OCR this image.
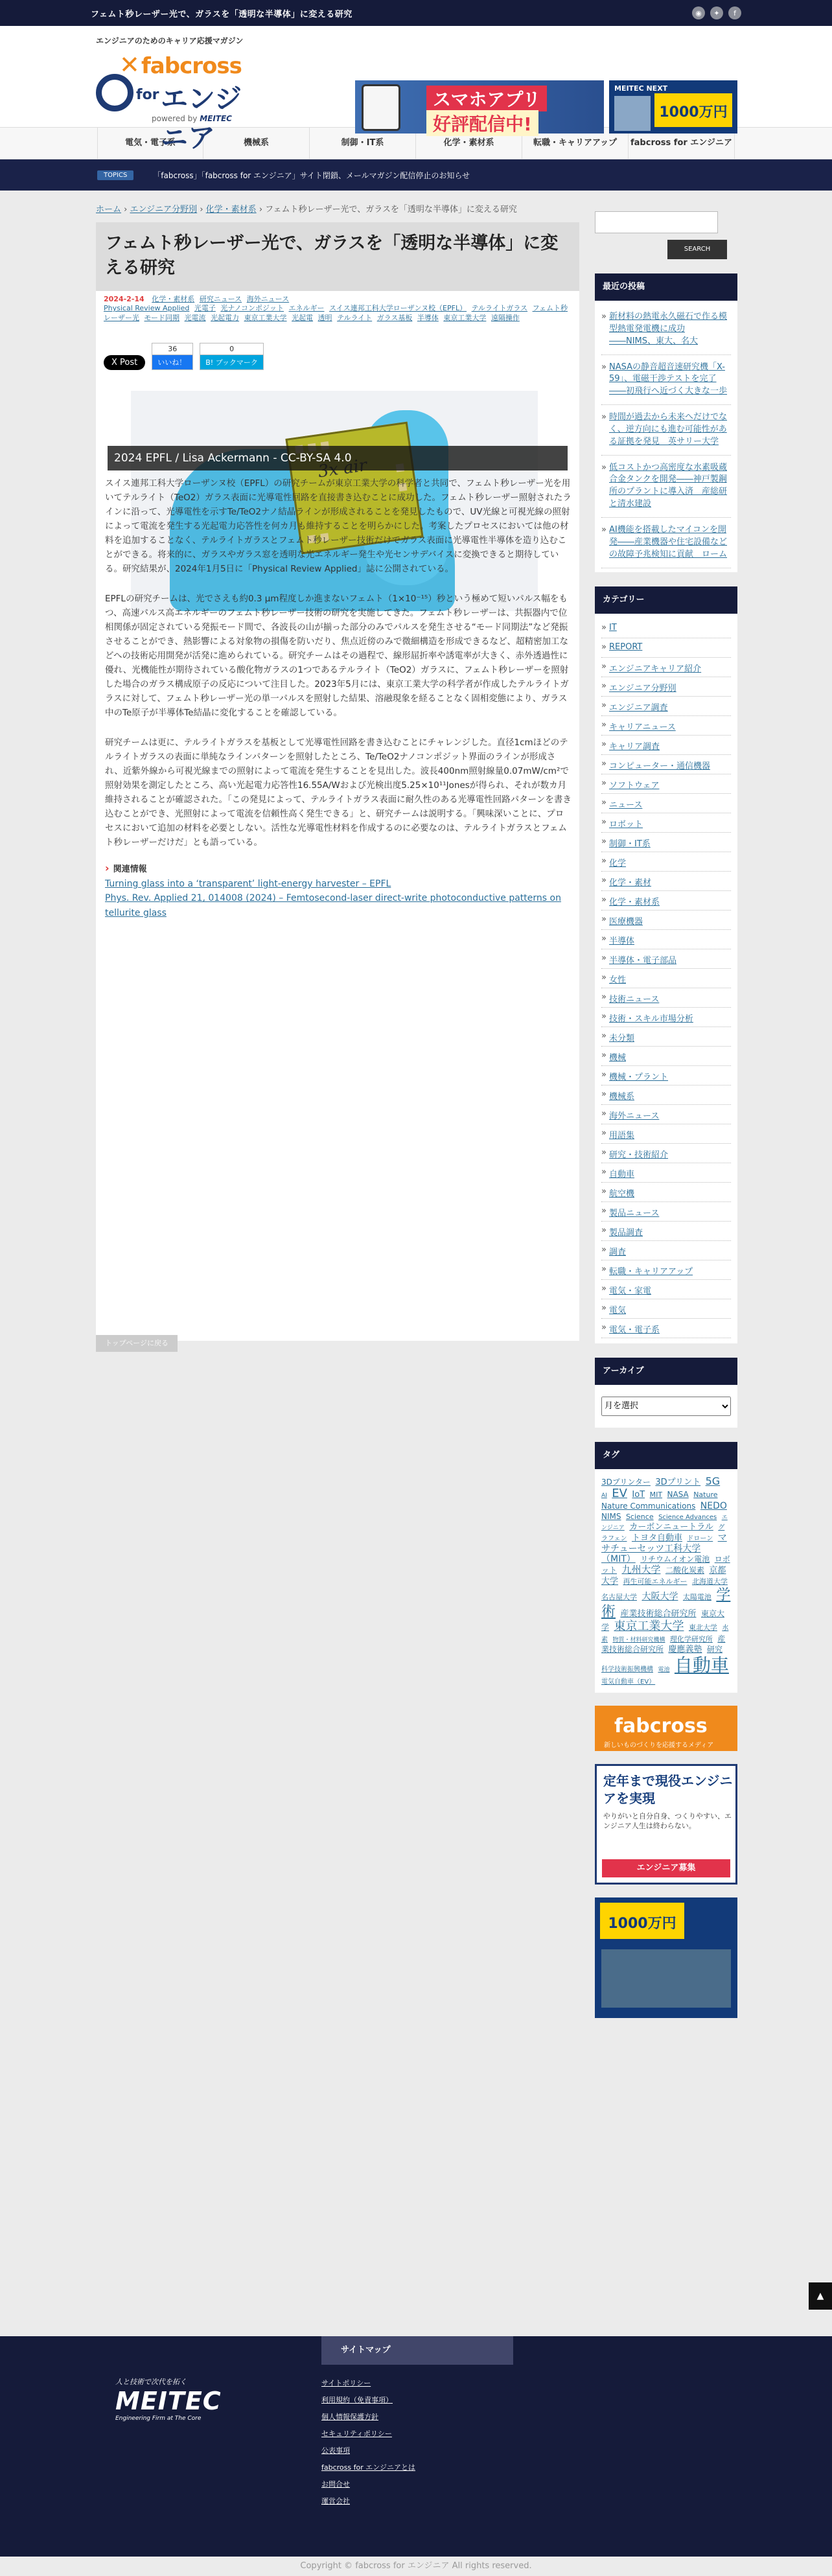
フェムト秒レーザー光で、ガラスを「透明な半導体」に変える研究	◉	✦	f
エンジニアのためのキャリア応援マガジン
✕ fabcross
for エンジニア
powered by MEITEC
スマホアプリ
好評配信中!
MEITEC NEXT
1000万円
電気・電子系	機械系	制御・IT系	化学・素材系	転職・キャリアアップ	fabcross for エンジニア
TOPICS	「fabcross」「fabcross for エンジニア」サイト閉鎖、メールマガジン配信停止のお知らせ
ホーム › エンジニア分野別 › 化学・素材系 › フェムト秒レーザー光で、ガラスを「透明な半導体」に変える研究
フェムト秒レーザー光で、ガラスを「透明な半導体」に変える研究
2024-2-14 化学・素材系 研究ニュース 海外ニュース
Physical Review Applied 光電子 光ナノコンポジット エネルギー スイス連邦工科大学ローザンヌ校（EPFL） テルライトガラス フェムト秒レーザー光 モード同期 光電流 光起電力 東京工業大学 光起電 透明 テルライト ガラス基板 半導体 東京工業大学 遠隔操作
X Post
36
いいね！
0
B! ブックマーク
2024 EPFL / Lisa Ackermann - CC-BY-SA 4.0

スイス連邦工科大学ローザンヌ校（EPFL）の研究チームが東京工業大学の科学者と共同で、フェムト秒レーザー光を用いてテルライト（TeO2）ガラス表面に光導電性回路を直接書き込むことに成功した。フェムト秒レーザー照射されたラインに沿って、光導電性を示すTe/TeO2ナノ結晶ラインが形成されることを発見したもので、UV光線と可視光線の照射によって電流を発生する光起電力応答性を何カ月も維持することを明らかにした。考案したプロセスにおいては他の材料を追加することなく、テルライトガラスとフェムト秒レーザー技術だけでガラス表面に光導電性半導体を造り込むことができる。将来的に、ガラスやガラス窓を透明な光エネルギー発生や光センサデバイスに変換できると期待している。研究結果が、2024年1月5日に「Physical Review Applied」誌に公開されている。

EPFLの研究チームは、光でさえも約0.3 μm程度しか進まないフェムト（1×10⁻¹⁵）秒という極めて短いパルス幅をもつ、高速パルス高エネルギーのフェムト秒レーザー技術の研究を実施してきた。フェムト秒レーザーは、共振器内で位相関係が固定されている発振モード間で、各波長の山が揃った部分のみでパルスを発生させる“モード同期法”など発振させることができ、熱影響による対象物の損傷を防いだり、焦点近傍のみで微細構造を形成できるなど、超精密加工などへの技術応用開発が活発に進められている。研究チームはその過程で、線形屈折率や誘電率が大きく、赤外透過性に優れ、光機能性が期待されている酸化物ガラスの1つであるテルライト（TeO2）ガラスに、フェムト秒レーザーを照射した場合のガラス構成原子の反応について注目した。2023年5月には、東京工業大学の科学者が作成したテルライトガラスに対して、フェムト秒レーザー光の単一パルスを照射した結果、溶融現象を経ることなく固相変態により、ガラス中のTe原子が半導体Te結晶に変化することを確認している。

研究チームは更に、テルライトガラスを基板として光導電性回路を書き込むことにチャレンジした。直径1cmほどのテルライトガラスの表面に単純なラインパターンを照射したところ、Te/TeO2ナノコンポジット界面のラインが形成され、近紫外線から可視光線までの照射によって電流を発生することを見出した。波長400nm照射線量0.07mW/cm²で照射効果を測定したところ、高い光起電力応答性16.55A/Wおよび光検出度5.25×10¹¹Jonesが得られ、それが数カ月維持されることが確認された。「この発見によって、テルライトガラス表面に耐久性のある光導電性回路パターンを書き込むことができ、光照射によって電流を信頼性高く発生できる」と、研究チームは説明する。「興味深いことに、プロセスにおいて追加の材料を必要としない。活性な光導電性材料を作成するのに必要なのは、テルライトガラスとフェムト秒レーザーだけだ」とも語っている。

› 関連情報
Turning glass into a ‘transparent’ light-energy harvester – EPFL
Phys. Rev. Applied 21, 014008 (2024) – Femtosecond-laser direct-write photoconductive patterns on tellurite glass
トップページに戻る
SEARCH
最近の投稿
» 新材料の熱電永久磁石で作る模型熱電発電機に成功――NIMS、東大、名大
» NASAの静音超音速研究機「X-59」、電磁干渉テストを完了――初飛行へ近づく大きな一歩
» 時間が過去から未来へだけでなく、逆方向にも進む可能性がある証拠を発見　英サリー大学
» 低コストかつ高密度な水素吸蔵合金タンクを開発――神戸製鋼所のプラントに導入済　産総研と清水建設
» AI機能を搭載したマイコンを開発――産業機器や住宅設備などの故障予兆検知に貢献　ローム
カテゴリー
» IT
» REPORT
» エンジニアキャリア紹介
» エンジニア分野別
» エンジニア調査
» キャリアニュース
» キャリア調査
» コンピューター・通信機器
» ソフトウェア
» ニュース
» ロボット
» 制御・IT系
» 化学
» 化学・素材
» 化学・素材系
» 医療機器
» 半導体
» 半導体・電子部品
» 女性
» 技術ニュース
» 技術・スキル市場分析
» 未分類
» 機械
» 機械・プラント
» 機械系
» 海外ニュース
» 用語集
» 研究・技術紹介
» 自動車
» 航空機
» 製品ニュース
» 製品調査
» 調査
» 転職・キャリアアップ
» 電気・家電
» 電気
» 電気・電子系
アーカイブ
月を選択
タグ
3Dプリンター 3Dプリント 5G AI EV IoT MIT NASA Nature Nature Communications NEDO NIMS Science Science Advances エンジニア カーボンニュートラル グラフェン トヨタ自動車 ドローン マサチューセッツ工科大学（MIT） リチウムイオン電池 ロボット 九州大学 二酸化炭素 京都大学 再生可能エネルギー 北海道大学 名古屋大学 大阪大学 太陽電池 学術 産業技術総合研究所 東京大学 東京工業大学 東北大学 水素 物質・材料研究機構 理化学研究所 産業技術総合研究所 慶應義塾 研究 科学技術振興機構 電池 自動車 電気自動車（EV）
fabcross
新しいものづくりを応援するメディア
定年まで現役エンジニアを実現
やりがいと自分自身、つくりやすい、エンジニア人生は終わらない。
エンジニア募集
1000万円
▲
人と技術で次代を拓く
MEITEC
Engineering Firm at The Core
サイトマップ
サイトポリシー
利用規約（免責事項）
個人情報保護方針
セキュリティポリシー
公表事項
fabcross for エンジニアとは
お問合せ
運営会社
Copyright © fabcross for エンジニア All rights reserved.
